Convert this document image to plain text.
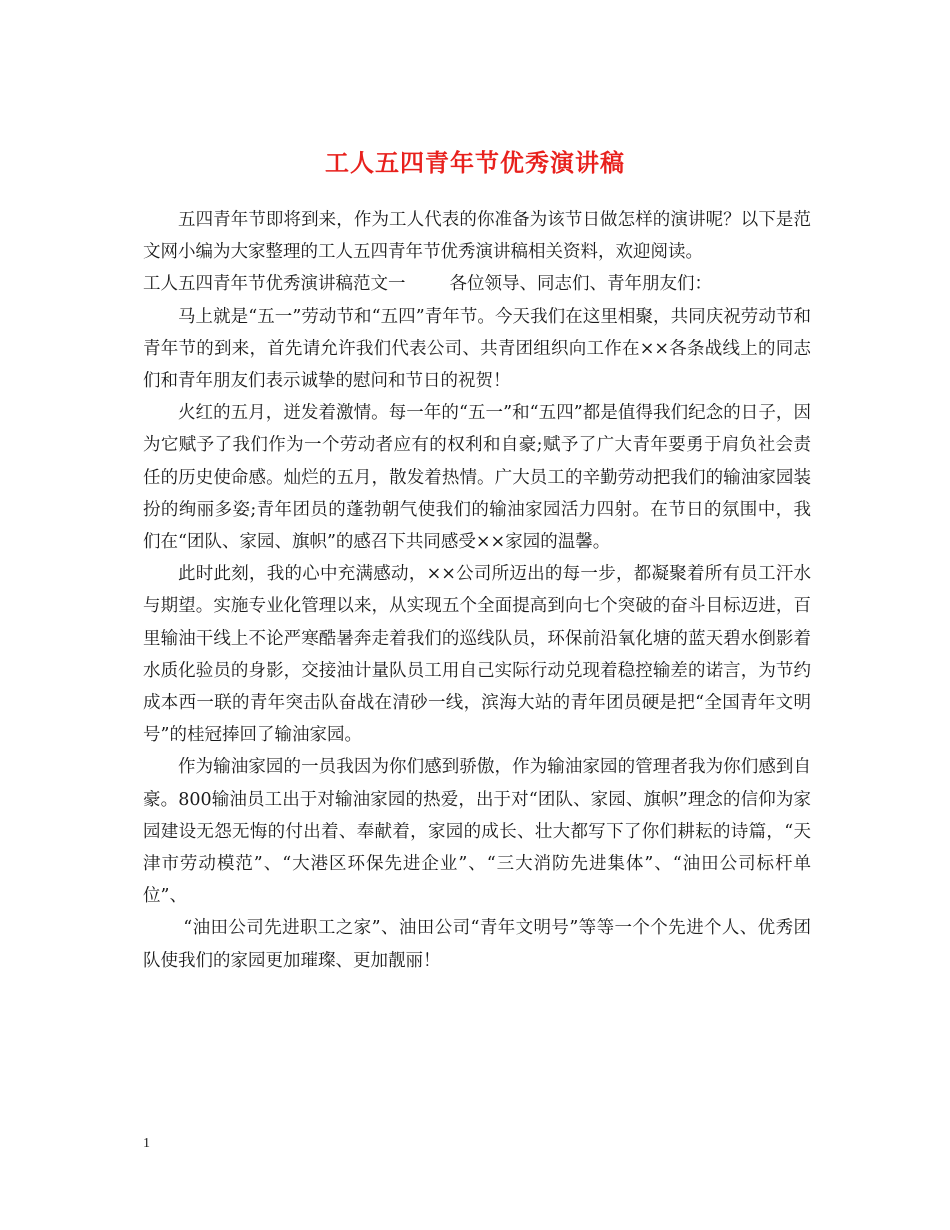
工人五四青年节优秀演讲稿

五四青年节即将到来，作为工人代表的你准备为该节日做怎样的演讲呢？以下是范文网小编为大家整理的工人五四青年节优秀演讲稿相关资料，欢迎阅读。

工人五四青年节优秀演讲稿范文一	各位领导、同志们、青年朋友们：

马上就是“五一”劳动节和“五四”青年节。今天我们在这里相聚，共同庆祝劳动节和青年节的到来，首先请允许我们代表公司、共青团组织向工作在××各条战线上的同志们和青年朋友们表示诚挚的慰问和节日的祝贺！

火红的五月，迸发着激情。每一年的“五一”和“五四”都是值得我们纪念的日子，因为它赋予了我们作为一个劳动者应有的权利和自豪;赋予了广大青年要勇于肩负社会责任的历史使命感。灿烂的五月，散发着热情。广大员工的辛勤劳动把我们的输油家园装扮的绚丽多姿;青年团员的蓬勃朝气使我们的输油家园活力四射。在节日的氛围中，我们在“团队、家园、旗帜”的感召下共同感受××家园的温馨。

此时此刻，我的心中充满感动，××公司所迈出的每一步，都凝聚着所有员工汗水与期望。实施专业化管理以来，从实现五个全面提高到向七个突破的奋斗目标迈进，百里输油干线上不论严寒酷暑奔走着我们的巡线队员，环保前沿氧化塘的蓝天碧水倒影着水质化验员的身影，交接油计量队员工用自己实际行动兑现着稳控输差的诺言，为节约成本西一联的青年突击队奋战在清砂一线，滨海大站的青年团员硬是把“全国青年文明号”的桂冠捧回了输油家园。

作为输油家园的一员我因为你们感到骄傲，作为输油家园的管理者我为你们感到自豪。800输油员工出于对输油家园的热爱，出于对“团队、家园、旗帜”理念的信仰为家园建设无怨无悔的付出着、奉献着，家园的成长、壮大都写下了你们耕耘的诗篇，“天津市劳动模范”、“大港区环保先进企业”、“三大消防先进集体”、“油田公司标杆单位”、

“油田公司先进职工之家”、油田公司“青年文明号”等等一个个先进个人、优秀团队使我们的家园更加璀璨、更加靓丽！

1
